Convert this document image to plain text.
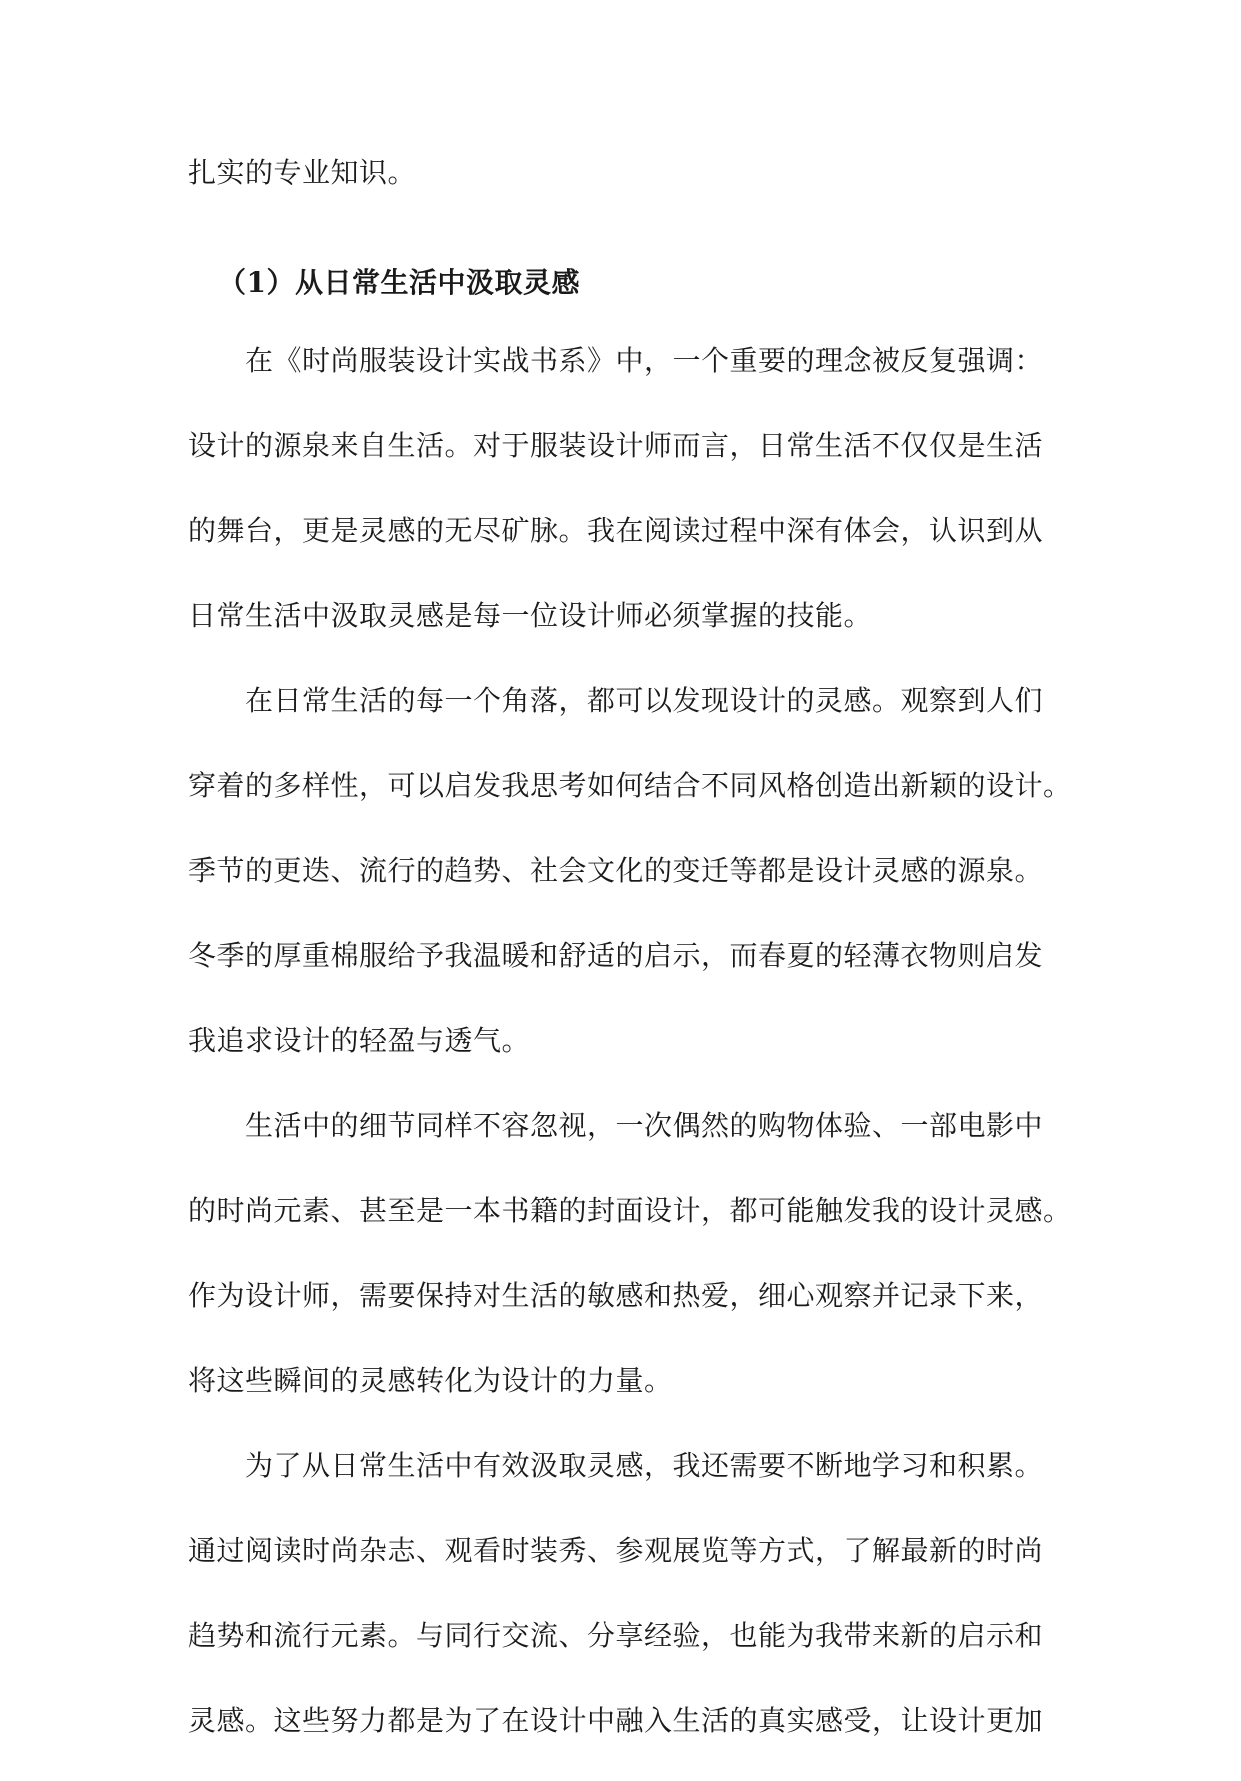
扎实的专业知识。
（1）从日常生活中汲取灵感
在《时尚服装设计实战书系》中，一个重要的理念被反复强调：
设计的源泉来自生活。对于服装设计师而言，日常生活不仅仅是生活
的舞台，更是灵感的无尽矿脉。我在阅读过程中深有体会，认识到从
日常生活中汲取灵感是每一位设计师必须掌握的技能。
在日常生活的每一个角落，都可以发现设计的灵感。观察到人们
穿着的多样性，可以启发我思考如何结合不同风格创造出新颖的设计。
季节的更迭、流行的趋势、社会文化的变迁等都是设计灵感的源泉。
冬季的厚重棉服给予我温暖和舒适的启示，而春夏的轻薄衣物则启发
我追求设计的轻盈与透气。
生活中的细节同样不容忽视，一次偶然的购物体验、一部电影中
的时尚元素、甚至是一本书籍的封面设计，都可能触发我的设计灵感。
作为设计师，需要保持对生活的敏感和热爱，细心观察并记录下来，
将这些瞬间的灵感转化为设计的力量。
为了从日常生活中有效汲取灵感，我还需要不断地学习和积累。
通过阅读时尚杂志、观看时装秀、参观展览等方式，了解最新的时尚
趋势和流行元素。与同行交流、分享经验，也能为我带来新的启示和
灵感。这些努力都是为了在设计中融入生活的真实感受，让设计更加
